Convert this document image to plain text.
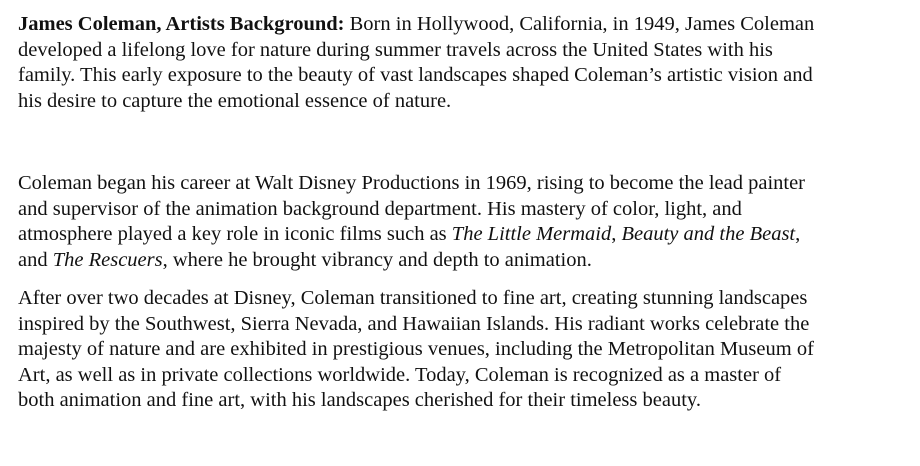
James Coleman, Artists Background: Born in Hollywood, California, in 1949, James Coleman
developed a lifelong love for nature during summer travels across the United States with his
family. This early exposure to the beauty of vast landscapes shaped Coleman’s artistic vision and
his desire to capture the emotional essence of nature.

Coleman began his career at Walt Disney Productions in 1969, rising to become the lead painter
and supervisor of the animation background department. His mastery of color, light, and
atmosphere played a key role in iconic films such as The Little Mermaid, Beauty and the Beast,
and The Rescuers, where he brought vibrancy and depth to animation.

After over two decades at Disney, Coleman transitioned to fine art, creating stunning landscapes
inspired by the Southwest, Sierra Nevada, and Hawaiian Islands. His radiant works celebrate the
majesty of nature and are exhibited in prestigious venues, including the Metropolitan Museum of
Art, as well as in private collections worldwide. Today, Coleman is recognized as a master of
both animation and fine art, with his landscapes cherished for their timeless beauty.
